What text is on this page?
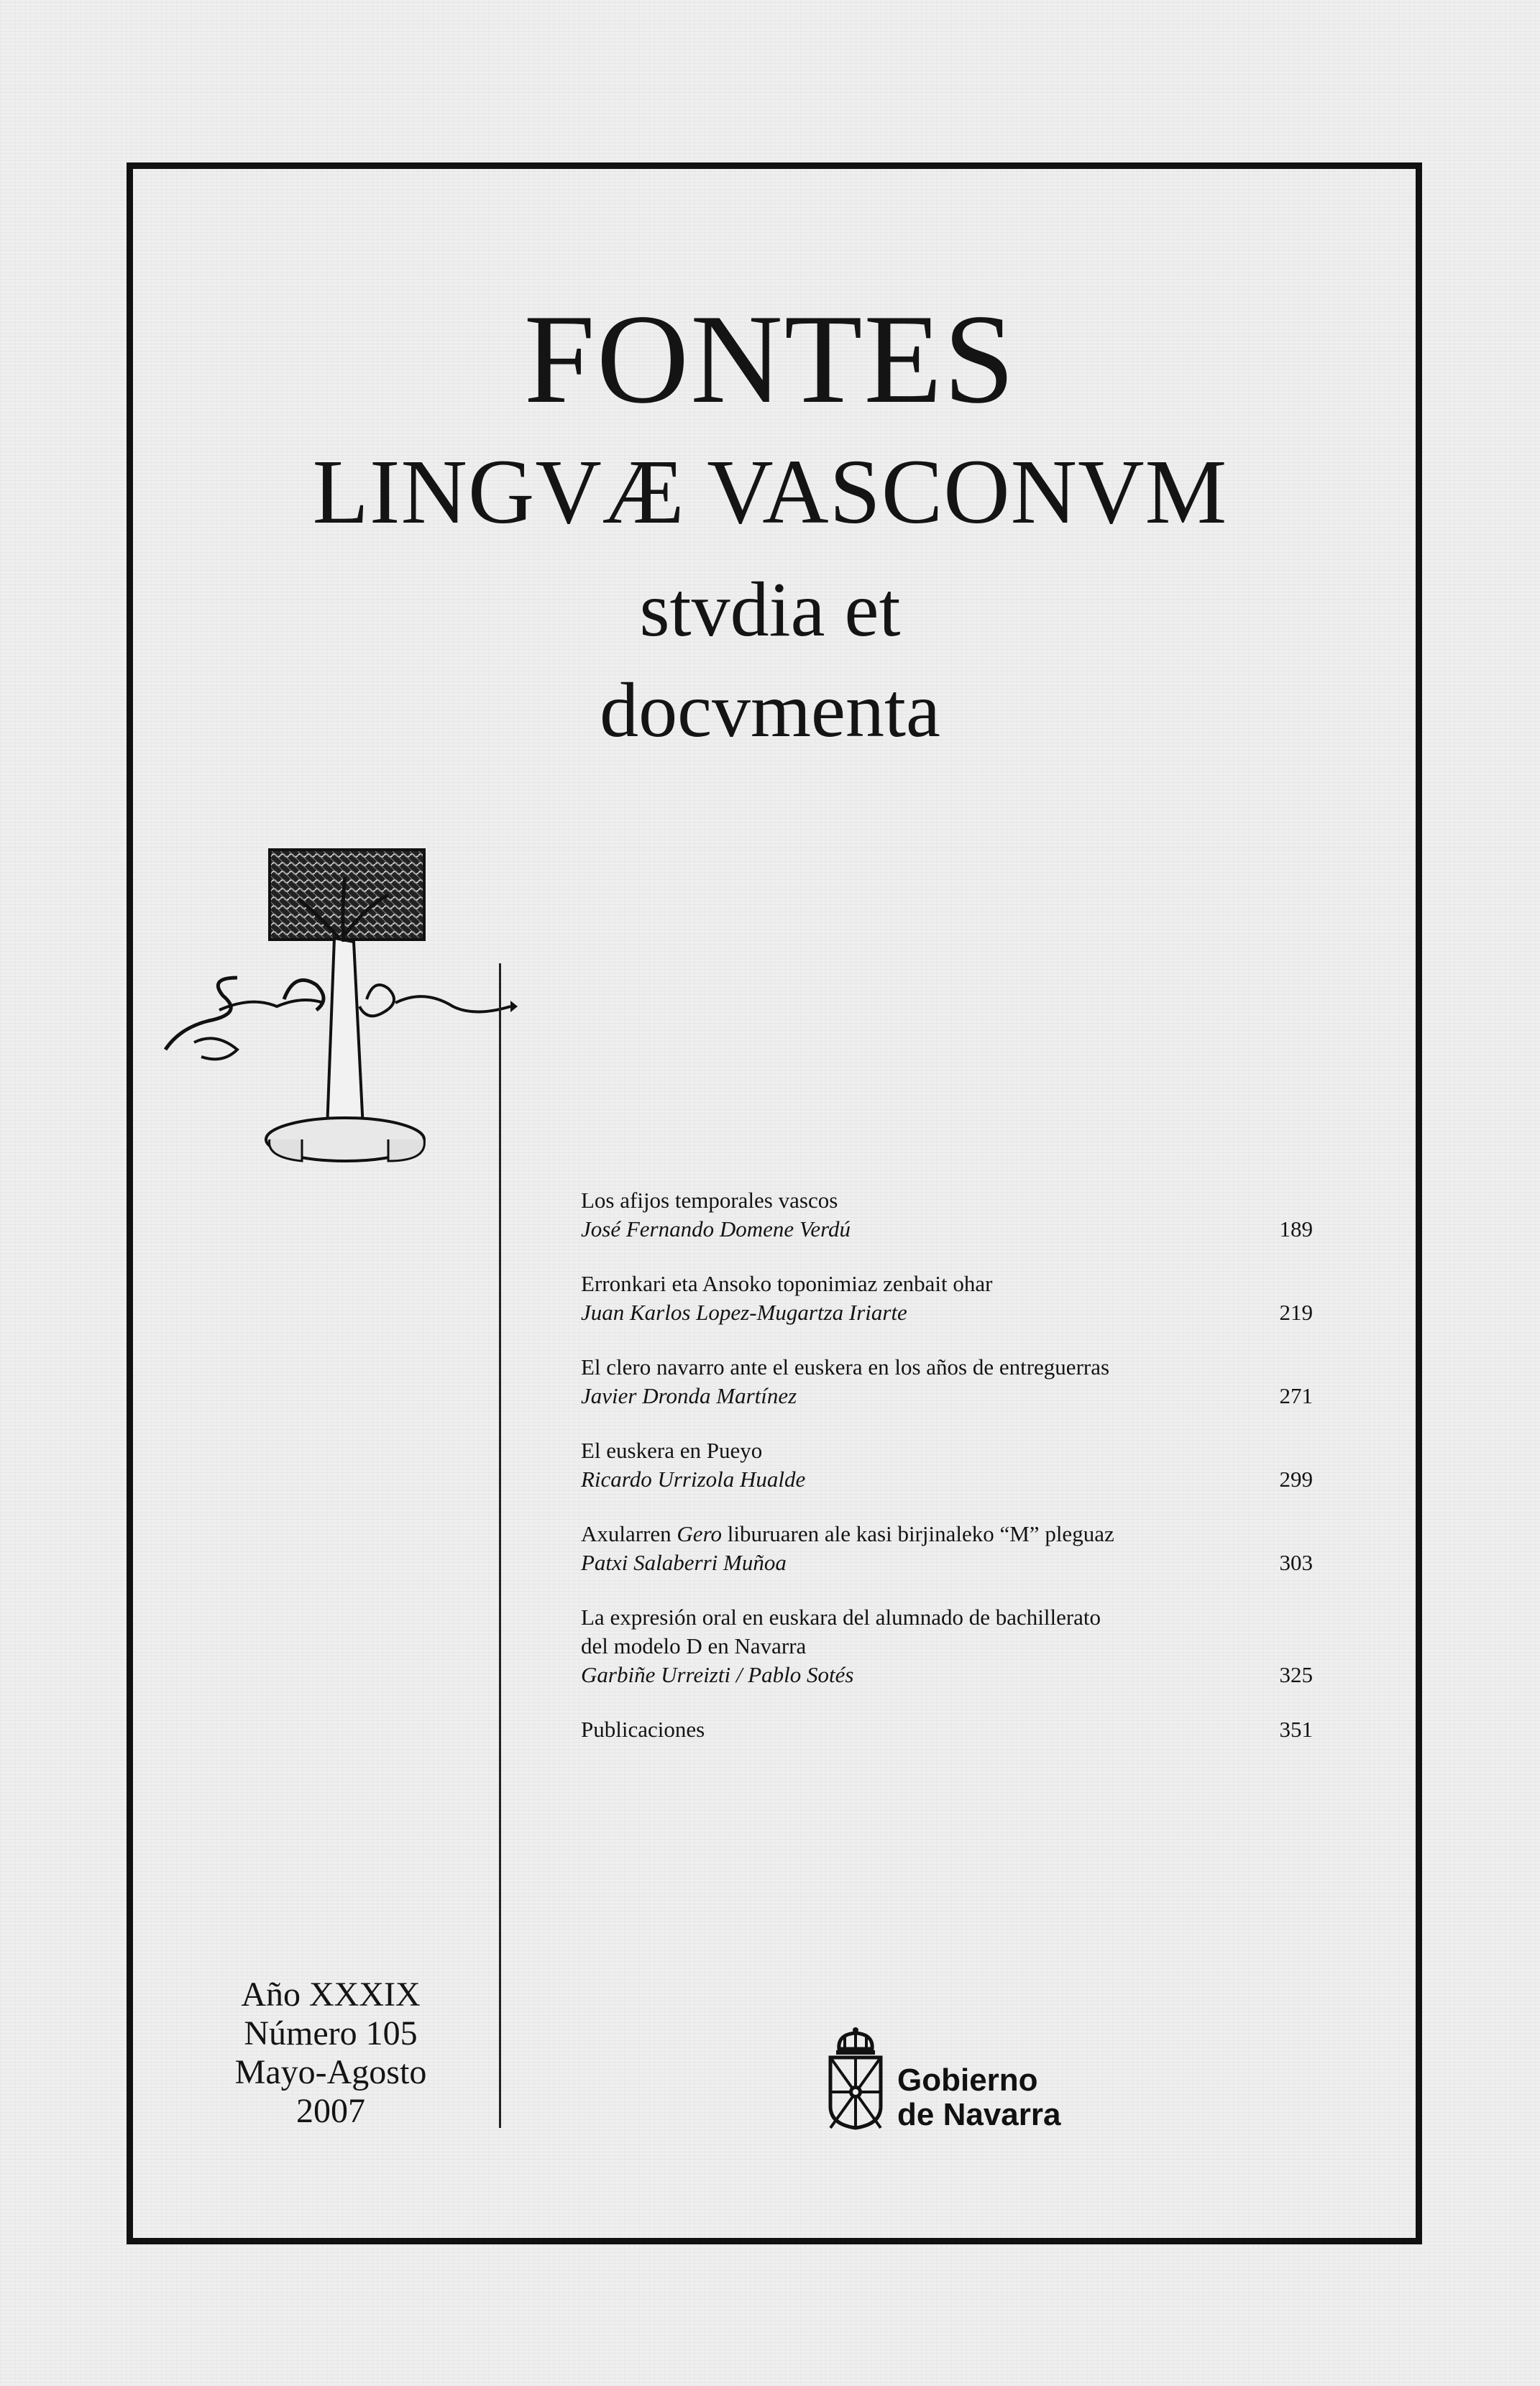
FONTES
LINGVÆ VASCONVM
stvdia et
docvmenta
Los afijos temporales vascos
José Fernando Domene Verdú	189
Erronkari eta Ansoko toponimiaz zenbait ohar
Juan Karlos Lopez-Mugartza Iriarte	219
El clero navarro ante el euskera en los años de entreguerras
Javier Dronda Martínez	271
El euskera en Pueyo
Ricardo Urrizola Hualde	299
Axularren Gero liburuaren ale kasi birjinaleko “M” pleguaz
Patxi Salaberri Muñoa	303
La expresión oral en euskara del alumnado de bachillerato
del modelo D en Navarra
Garbiñe Urreizti / Pablo Sotés	325
Publicaciones	351
Año XXXIX
Número 105
Mayo-Agosto
2007
Gobierno
de Navarra
